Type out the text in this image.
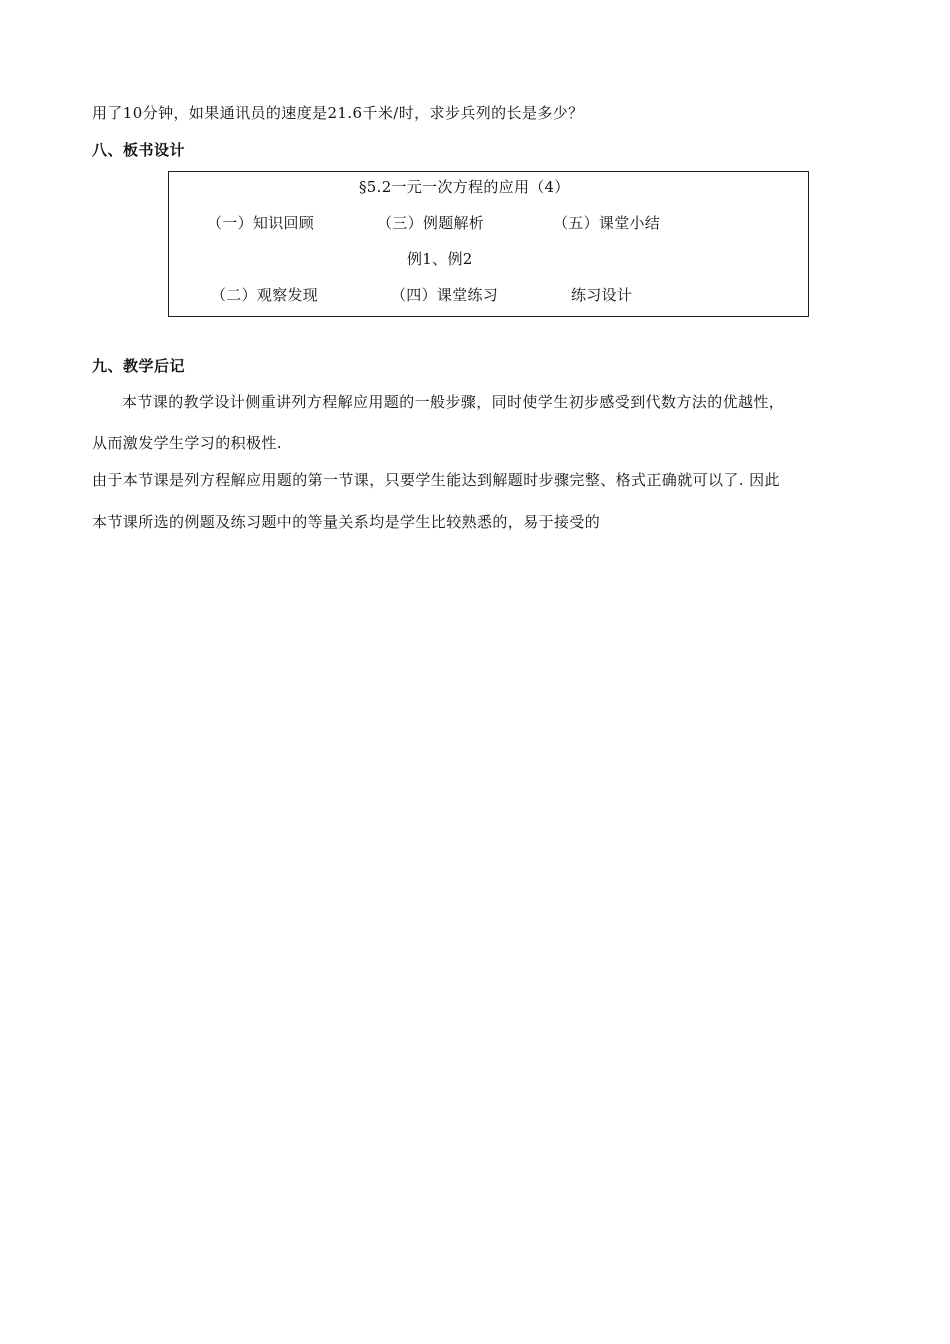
用了10分钟，如果通讯员的速度是21.6千米/时，求步兵列的长是多少？
八、板书设计
§5.2一元一次方程的应用（4）
（一）知识回顾	（三）例题解析	（五）课堂小结
例1、例2
（二）观察发现	（四）课堂练习	练习设计
九、教学后记
本节课的教学设计侧重讲列方程解应用题的一般步骤，同时使学生初步感受到代数方法的优越性，
从而激发学生学习的积极性.
由于本节课是列方程解应用题的第一节课，只要学生能达到解题时步骤完整、格式正确就可以了. 因此
本节课所选的例题及练习题中的等量关系均是学生比较熟悉的，易于接受的
